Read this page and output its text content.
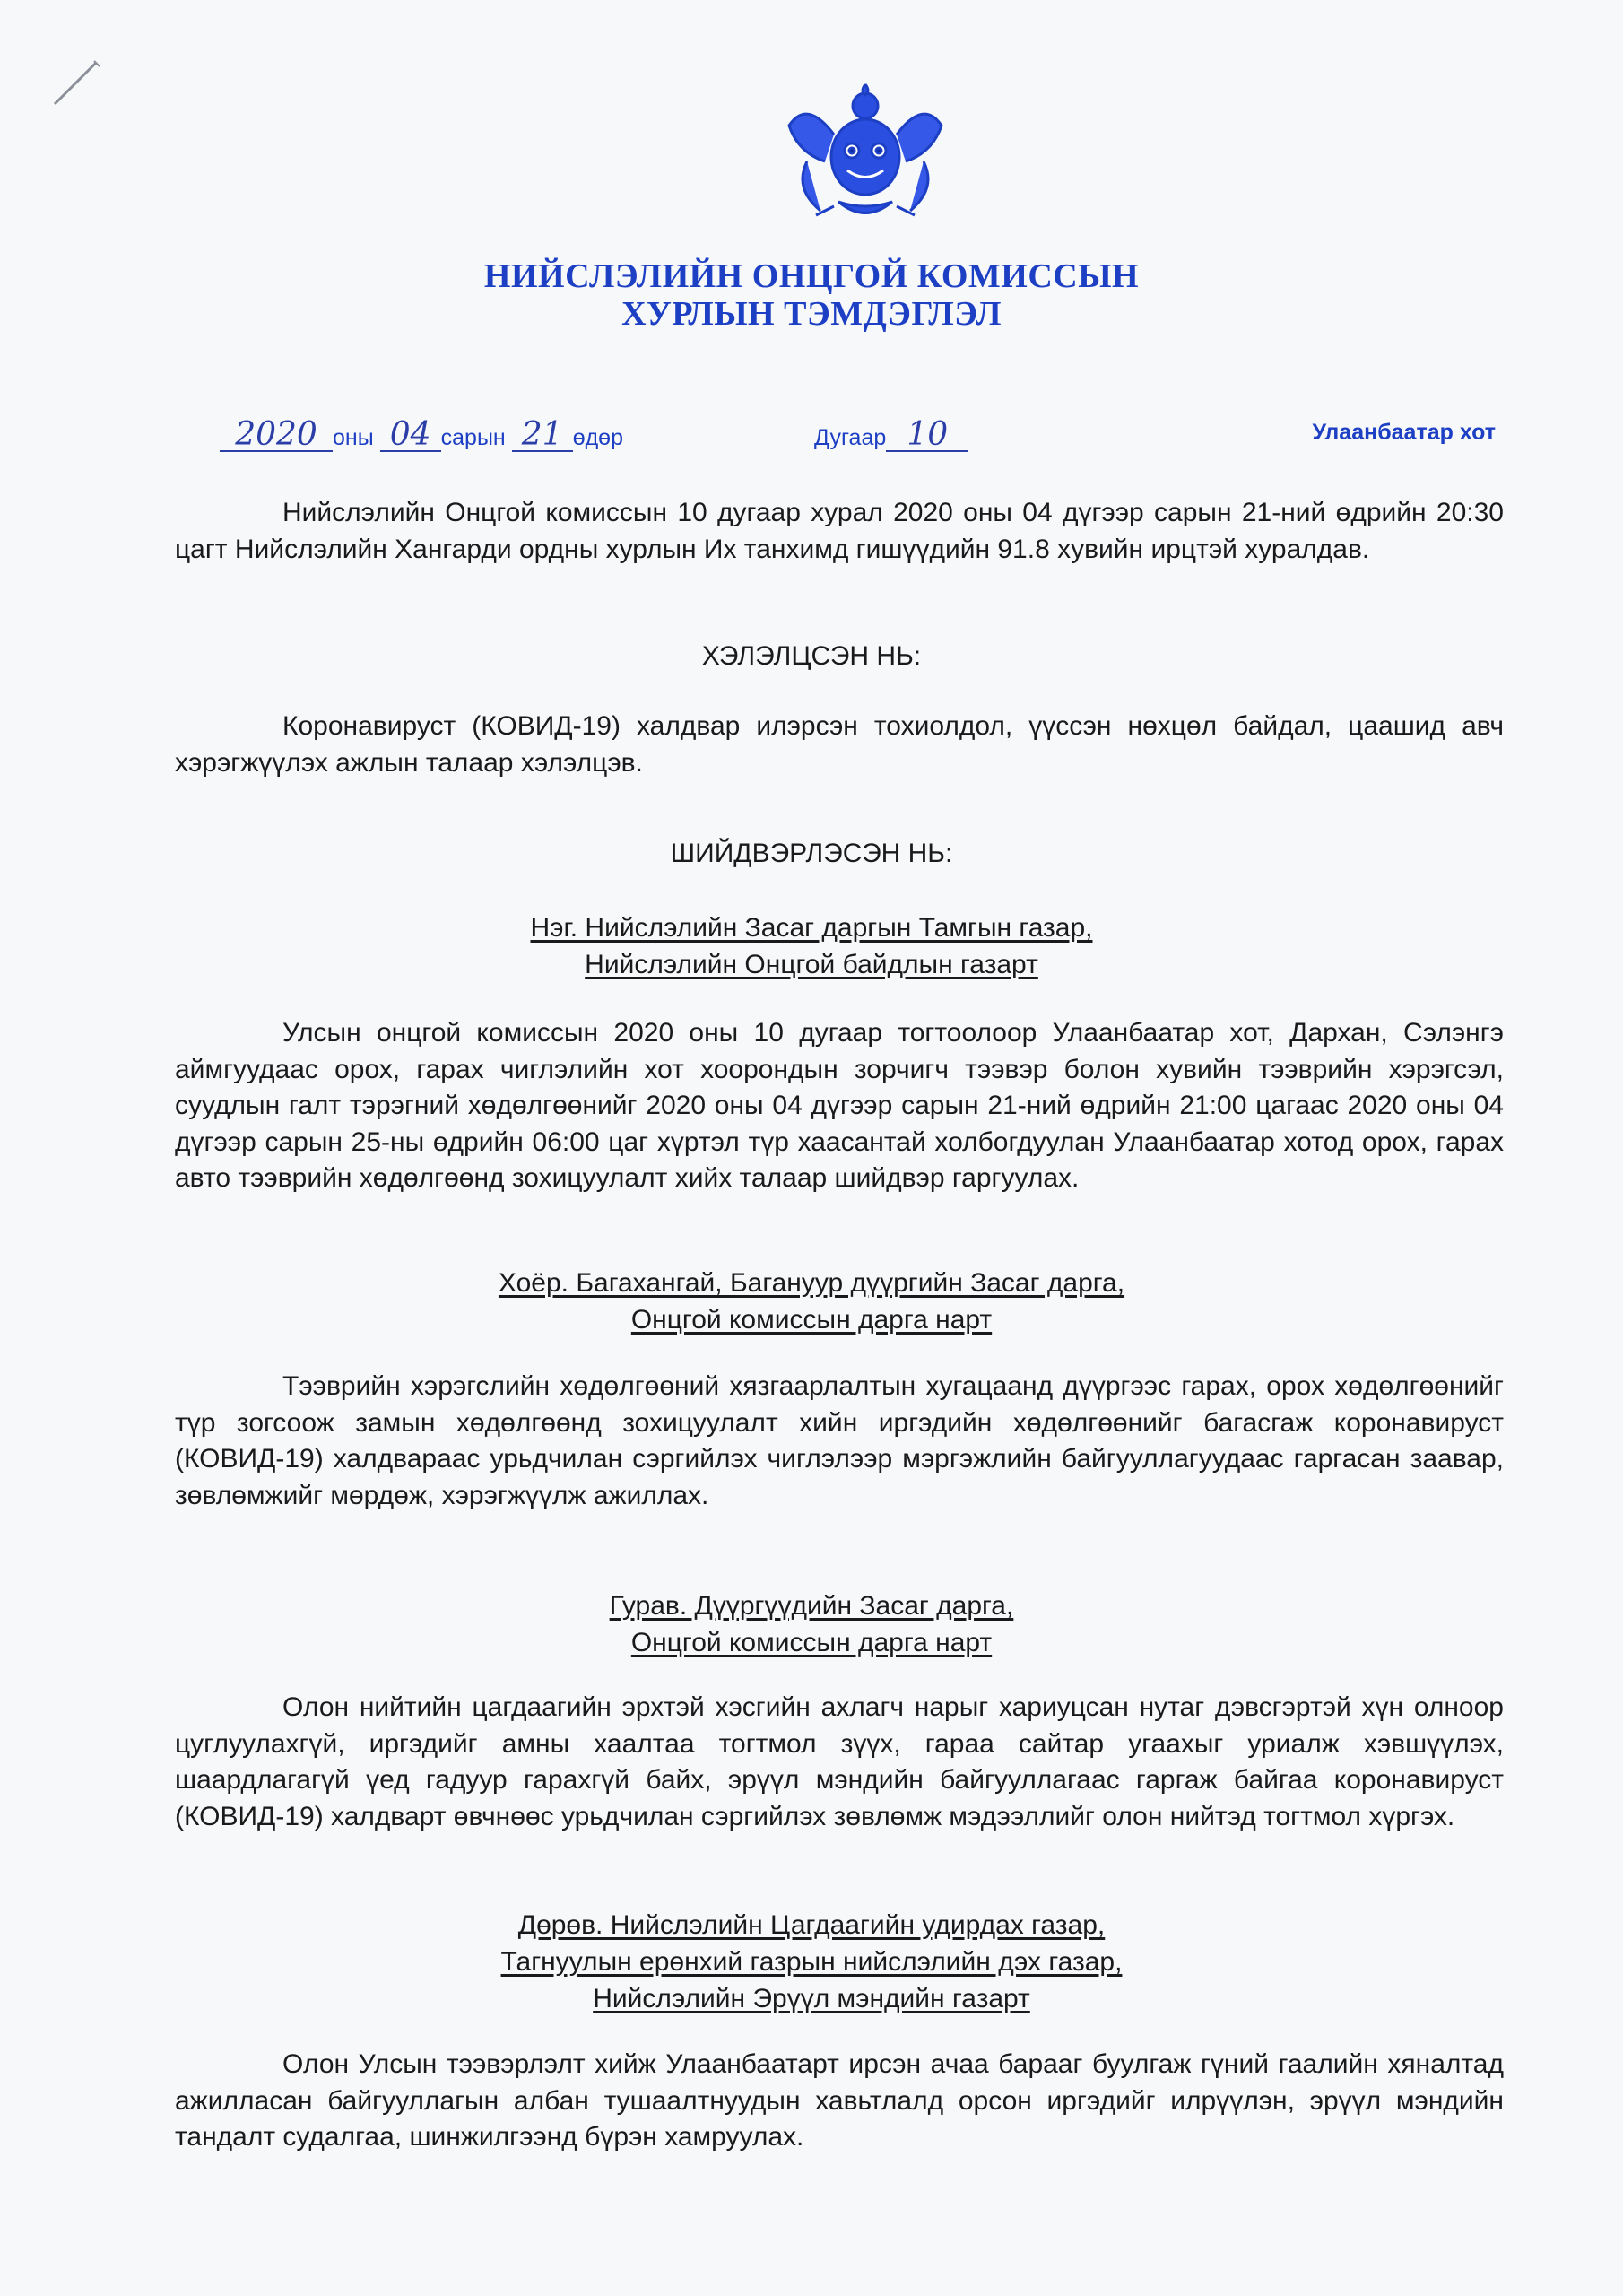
НИЙСЛЭЛИЙН ОНЦГОЙ КОМИССЫН
ХУРЛЫН ТЭМДЭГЛЭЛ
2020 оны 04 сарын 21 өдөр	Дугаар 10	Улаанбаатар хот

Нийслэлийн Онцгой комиссын 10 дугаар хурал 2020 оны 04 дүгээр сарын 21-ний өдрийн 20:30 цагт Нийслэлийн Хангарди ордны хурлын Их танхимд гишүүдийн 91.8 хувийн ирцтэй хуралдав.

ХЭЛЭЛЦСЭН НЬ:

Коронавируст (КОВИД-19) халдвар илэрсэн тохиолдол, үүссэн нөхцөл байдал, цаашид авч хэрэгжүүлэх ажлын талаар хэлэлцэв.

ШИЙДВЭРЛЭСЭН НЬ:
Нэг. Нийслэлийн Засаг даргын Тамгын газар,
Нийслэлийн Онцгой байдлын газарт

Улсын онцгой комиссын 2020 оны 10 дугаар тогтоолоор Улаанбаатар хот, Дархан, Сэлэнгэ аймгуудаас орох, гарах чиглэлийн хот хоорондын зорчигч тээвэр болон хувийн тээврийн хэрэгсэл, суудлын галт тэрэгний хөдөлгөөнийг 2020 оны 04 дүгээр сарын 21-ний өдрийн 21:00 цагаас 2020 оны 04 дүгээр сарын 25-ны өдрийн 06:00 цаг хүртэл түр хаасантай холбогдуулан Улаанбаатар хотод орох, гарах авто тээврийн хөдөлгөөнд зохицуулалт хийх талаар шийдвэр гаргуулах.

Хоёр. Багахангай, Багануур дүүргийн Засаг дарга,
Онцгой комиссын дарга нарт

Тээврийн хэрэгслийн хөдөлгөөний хязгаарлалтын хугацаанд дүүргээс гарах, орох хөдөлгөөнийг түр зогсоож замын хөдөлгөөнд зохицуулалт хийн иргэдийн хөдөлгөөнийг багасгаж коронавируст (КОВИД-19) халдвараас урьдчилан сэргийлэх чиглэлээр мэргэжлийн байгууллагуудаас гаргасан заавар, зөвлөмжийг мөрдөж, хэрэгжүүлж ажиллах.

Гурав. Дүүргүүдийн Засаг дарга,
Онцгой комиссын дарга нарт

Олон нийтийн цагдаагийн эрхтэй хэсгийн ахлагч нарыг хариуцсан нутаг дэвсгэртэй хүн олноор цуглуулахгүй, иргэдийг амны хаалтаа тогтмол зүүх, гараа сайтар угаахыг уриалж хэвшүүлэх, шаардлагагүй үед гадуур гарахгүй байх, эрүүл мэндийн байгууллагаас гаргаж байгаа коронавируст (КОВИД-19) халдварт өвчнөөс урьдчилан сэргийлэх зөвлөмж мэдээллийг олон нийтэд тогтмол хүргэх.

Дөрөв. Нийслэлийн Цагдаагийн удирдах газар,
Тагнуулын ерөнхий газрын нийслэлийн дэх газар,
Нийслэлийн Эрүүл мэндийн газарт

Олон Улсын тээвэрлэлт хийж Улаанбаатарт ирсэн ачаа барааг буулгаж гүний гаалийн хяналтад ажилласан байгууллагын албан тушаалтнуудын хавьтлалд орсон иргэдийг илрүүлэн, эрүүл мэндийн тандалт судалгаа, шинжилгээнд бүрэн хамруулах.
